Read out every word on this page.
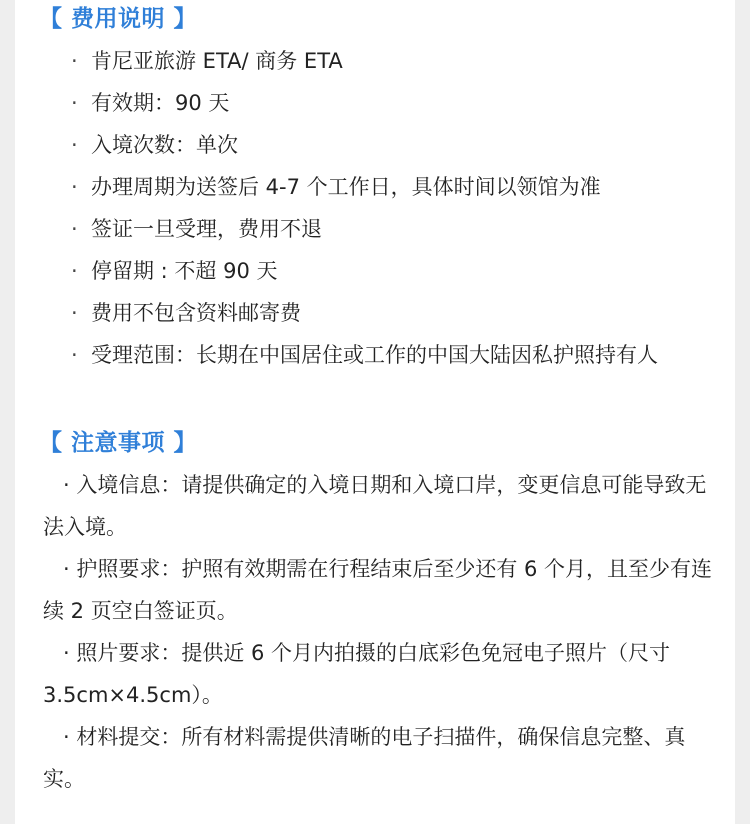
【 费用说明 】
· 肯尼亚旅游 ETA/ 商务 ETA
· 有效期：90 天
· 入境次数：单次
· 办理周期为送签后 4-7 个工作日，具体时间以领馆为准
· 签证一旦受理，费用不退
· 停留期 : 不超 90 天
· 费用不包含资料邮寄费
· 受理范围：长期在中国居住或工作的中国大陆因私护照持有人
【 注意事项 】

· 入境信息：请提供确定的入境日期和入境口岸，变更信息可能导致无法入境。

· 护照要求：护照有效期需在行程结束后至少还有 6 个月，且至少有连续 2 页空白签证页。

· 照片要求：提供近 6 个月内拍摄的白底彩色免冠电子照片（尺寸 3.5cm×4.5cm）。

· 材料提交：所有材料需提供清晰的电子扫描件，确保信息完整、真实。
